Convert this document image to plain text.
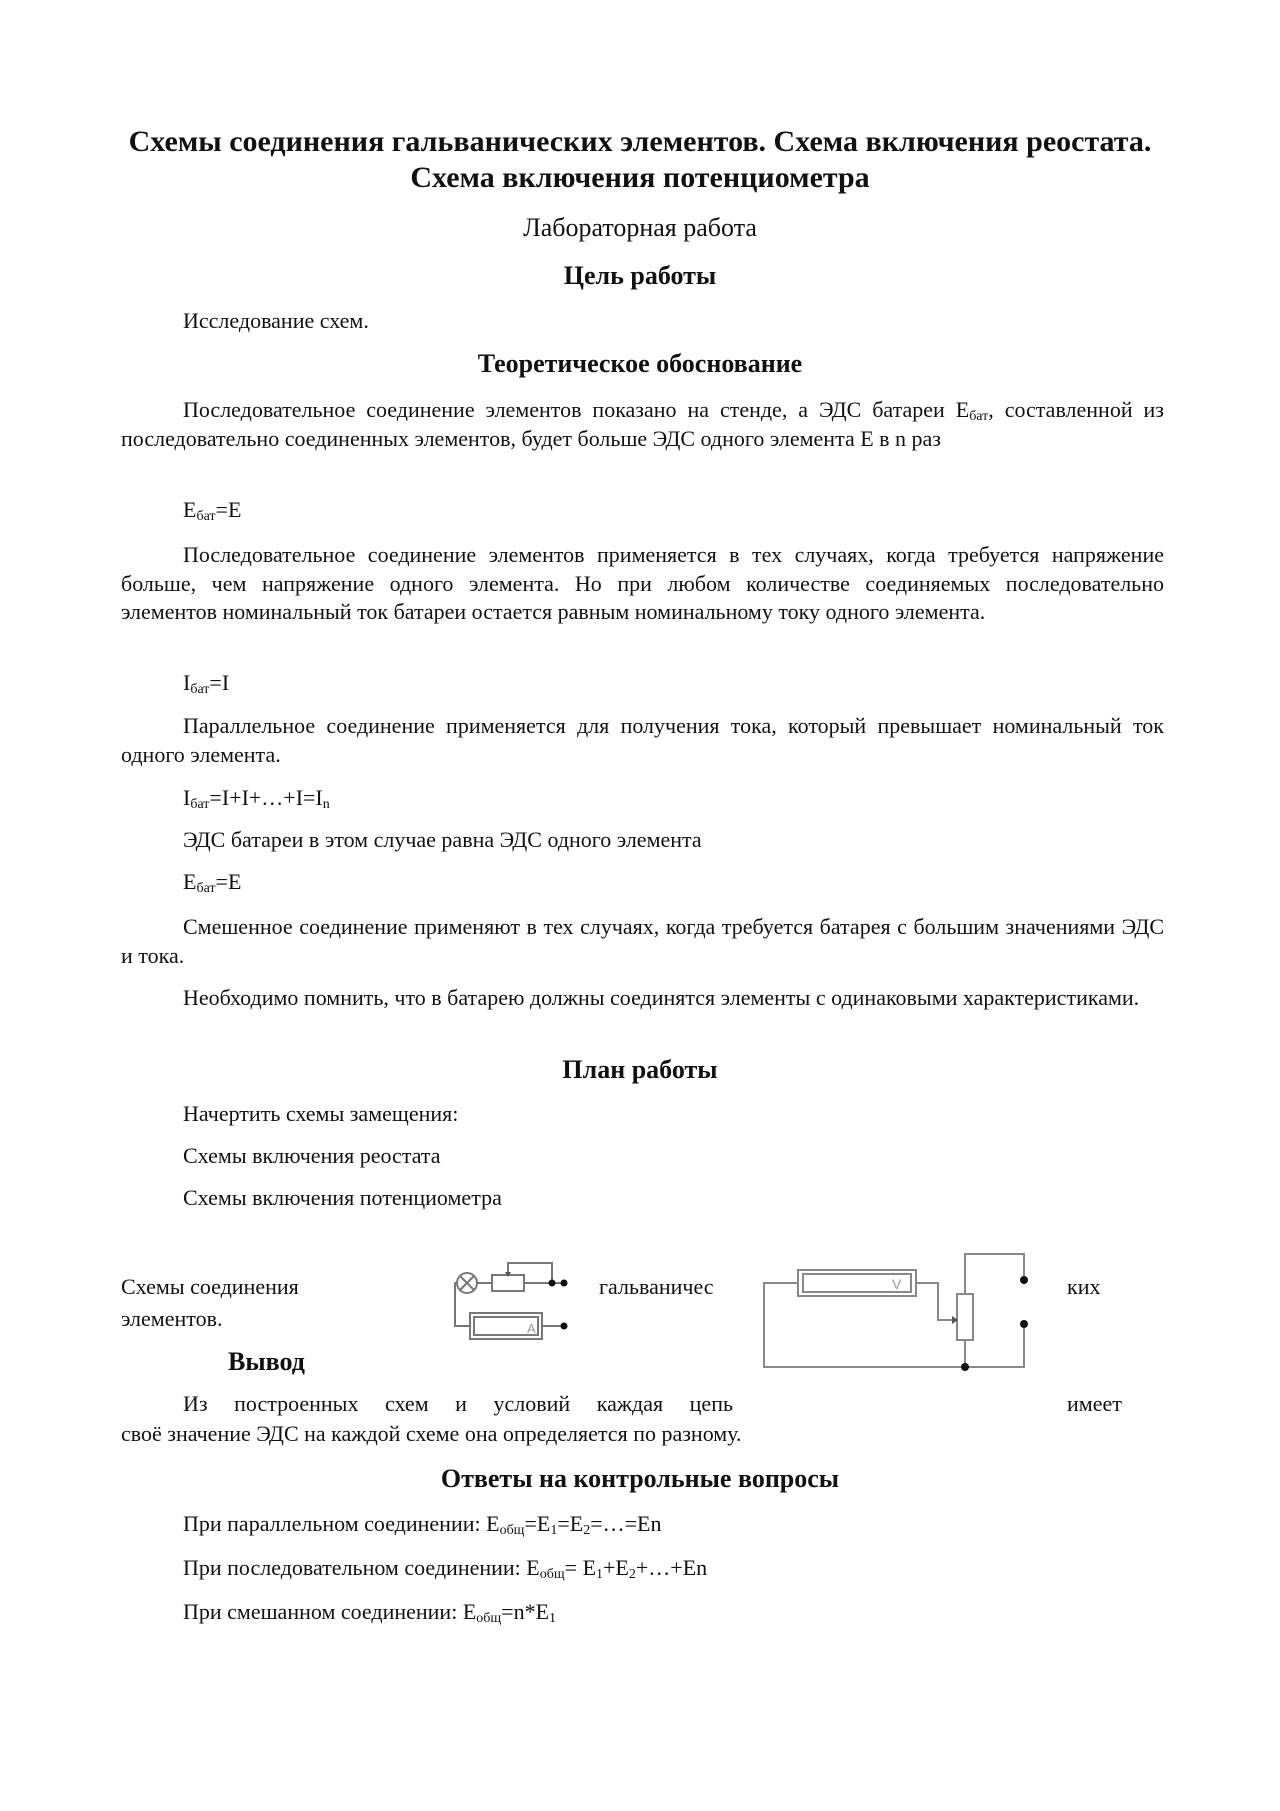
Схемы соединения гальванических элементов. Схема включения реостата. Схема включения потенциометра
Лабораторная работа
Цель работы
Исследование схем.
Теоретическое обоснование
Последовательное соединение элементов показано на стенде, а ЭДС батареи $E_{бат}$, составленной из последовательно соединенных элементов, будет больше ЭДС одного элемента E в n раз
$E_{бат}=E$
Последовательное соединение элементов применяется в тех случаях, когда требуется напряжение больше, чем напряжение одного элемента. Но при любом количестве соединяемых последовательно элементов номинальный ток батареи остается равным номинальному току одного элемента.
$I_{бат}=I$
Параллельное соединение применяется для получения тока, который превышает номинальный ток одного элемента.
$I_{бат}=I+I+\dots+I=I_n$
ЭДС батареи в этом случае равна ЭДС одного элемента
$E_{бат}=E$
Смешенное соединение применяют в тех случаях, когда требуется батарея с большим значениями ЭДС и тока.
Необходимо помнить, что в батарею должны соединятся элементы с одинаковыми характеристиками.
План работы
Начертить схемы замещения:
Схемы включения реостата
Схемы включения потенциометра
Схемы соединения
элементов.
гальваничес	ких
A
V
Вывод
Из построенных схем и условий каждая цепь	имеет
своё значение ЭДС на каждой схеме она определяется по разному.
Ответы на контрольные вопросы
При параллельном соединении: $E_{общ}=E_1=E_2=\dots=En$
При последовательном соединении: $E_{общ}=$ $E_1+E_2+\dots+En$
При смешанном соединении: $E_{общ}=n*E_1$
